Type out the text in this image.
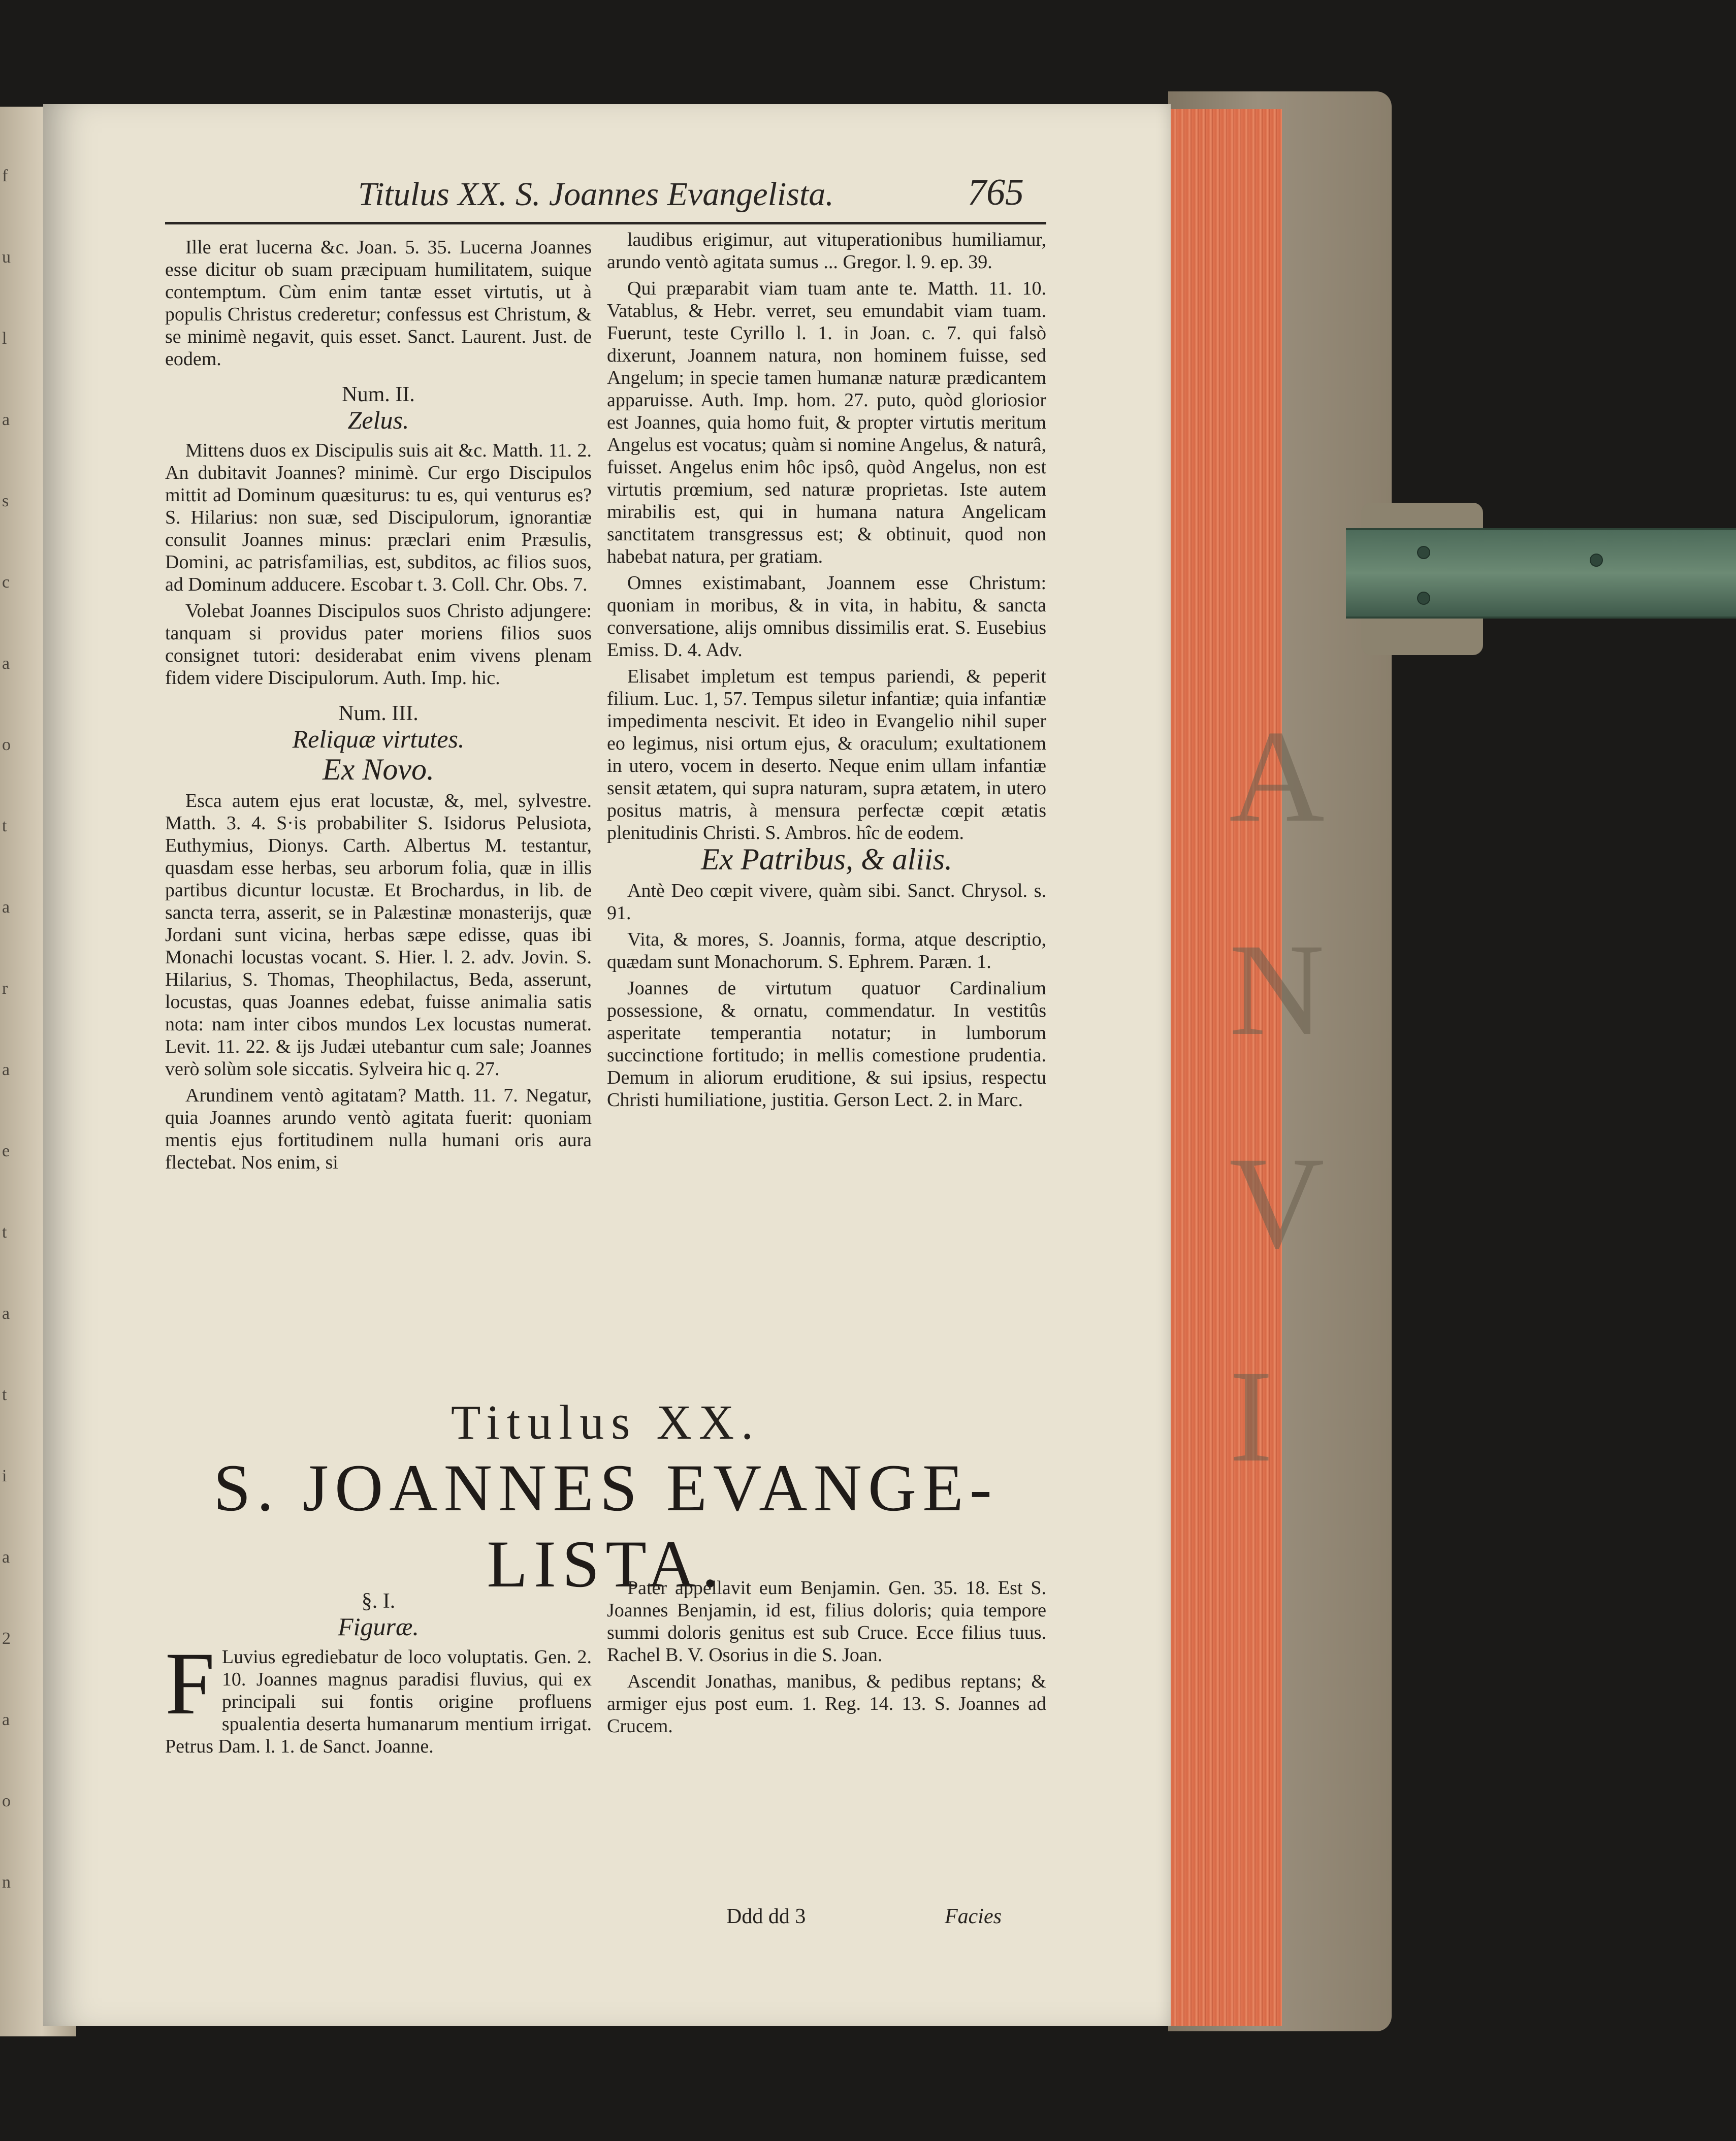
f
u
l
a
s
c
a
o
t
a
r
a
e
t
a
t
i
a
2
a
o
n
Titulus XX. S. Joannes Evangelista.	765

Ille erat lucerna &c. Joan. 5. 35. Lucerna Joannes esse dicitur ob suam præcipuam humilitatem, suique contemptum. Cùm enim tantæ esset virtutis, ut à populis Christus crederetur; confessus est Christum, & se minimè negavit, quis esset. Sanct. Laurent. Just. de eodem.

Num. II.
Zelus.

Mittens duos ex Discipulis suis ait &c. Matth. 11. 2. An dubitavit Joannes? minimè. Cur ergo Discipulos mittit ad Dominum quæsiturus: tu es, qui venturus es? S. Hilarius: non suæ, sed Discipulorum, ignorantiæ consulit Joannes minus: præclari enim Præsulis, Domini, ac patrisfamilias, est, subditos, ac filios suos, ad Dominum adducere. Escobar t. 3. Coll. Chr. Obs. 7.

Volebat Joannes Discipulos suos Christo adjungere: tanquam si providus pater moriens filios suos consignet tutori: desiderabat enim vivens plenam fidem videre Discipulorum. Auth. Imp. hic.

Num. III.
Reliquæ virtutes.
Ex Novo.

Esca autem ejus erat locustæ, &, mel, sylvestre. Matth. 3. 4. S·is probabiliter S. Isidorus Pelusiota, Euthymius, Dionys. Carth. Albertus M. testantur, quasdam esse herbas, seu arborum folia, quæ in illis partibus dicuntur locustæ. Et Brochardus, in lib. de sancta terra, asserit, se in Palæstinæ monasterijs, quæ Jordani sunt vicina, herbas sæpe edisse, quas ibi Monachi locustas vocant. S. Hier. l. 2. adv. Jovin. S. Hilarius, S. Thomas, Theophilactus, Beda, asserunt, locustas, quas Joannes edebat, fuisse animalia satis nota: nam inter cibos mundos Lex locustas numerat. Levit. 11. 22. & ijs Judæi utebantur cum sale; Joannes verò solùm sole siccatis. Sylveira hic q. 27.

Arundinem ventò agitatam? Matth. 11. 7. Negatur, quia Joannes arundo ventò agitata fuerit: quoniam mentis ejus fortitudinem nulla humani oris aura flectebat. Nos enim, si

laudibus erigimur, aut vituperationibus humiliamur, arundo ventò agitata sumus ... Gregor. l. 9. ep. 39.

Qui præparabit viam tuam ante te. Matth. 11. 10. Vatablus, & Hebr. verret, seu emundabit viam tuam. Fuerunt, teste Cyrillo l. 1. in Joan. c. 7. qui falsò dixerunt, Joannem natura, non hominem fuisse, sed Angelum; in specie tamen humanæ naturæ prædicantem apparuisse. Auth. Imp. hom. 27. puto, quòd gloriosior est Joannes, quia homo fuit, & propter virtutis meritum Angelus est vocatus; quàm si nomine Angelus, & naturâ, fuisset. Angelus enim hôc ipsô, quòd Angelus, non est virtutis prœmium, sed naturæ proprietas. Iste autem mirabilis est, qui in humana natura Angelicam sanctitatem transgressus est; & obtinuit, quod non habebat natura, per gratiam.

Omnes existimabant, Joannem esse Christum: quoniam in moribus, & in vita, in habitu, & sancta conversatione, alijs omnibus dissimilis erat. S. Eusebius Emiss. D. 4. Adv.

Elisabet impletum est tempus pariendi, & peperit filium. Luc. 1, 57. Tempus siletur infantiæ; quia infantiæ impedimenta nescivit. Et ideo in Evangelio nihil super eo legimus, nisi ortum ejus, & oraculum; exultationem in utero, vocem in deserto. Neque enim ullam infantiæ sensit ætatem, qui supra naturam, supra ætatem, in utero positus matris, à mensura perfectæ cœpit ætatis plenitudinis Christi. S. Ambros. hîc de eodem.

Ex Patribus, & aliis.

Antè Deo cœpit vivere, quàm sibi. Sanct. Chrysol. s. 91.

Vita, & mores, S. Joannis, forma, atque descriptio, quædam sunt Monachorum. S. Ephrem. Paræn. 1.

Joannes de virtutum quatuor Cardinalium possessione, & ornatu, commendatur. In vestitûs asperitate temperantia notatur; in lumborum succinctione fortitudo; in mellis comestione prudentia. Demum in aliorum eruditione, & sui ipsius, respectu Christi humiliatione, justitia. Gerson Lect. 2. in Marc.

Titulus XX.
S. JOANNES EVANGE-
LISTA.
§. I.
Figuræ.

F Luvius egrediebatur de loco voluptatis. Gen. 2. 10. Joannes magnus paradisi fluvius, qui ex principali sui fontis origine profluens spualentia deserta humanarum mentium irrigat. Petrus Dam. l. 1. de Sanct. Joanne.

Pater appellavit eum Benjamin. Gen. 35. 18. Est S. Joannes Benjamin, id est, filius doloris; quia tempore summi doloris genitus est sub Cruce. Ecce filius tuus. Rachel B. V. Osorius in die S. Joan.

Ascendit Jonathas, manibus, & pedibus reptans; & armiger ejus post eum. 1. Reg. 14. 13. S. Joannes ad Crucem.

Ddd dd 3	Facies
A
N
V
I
